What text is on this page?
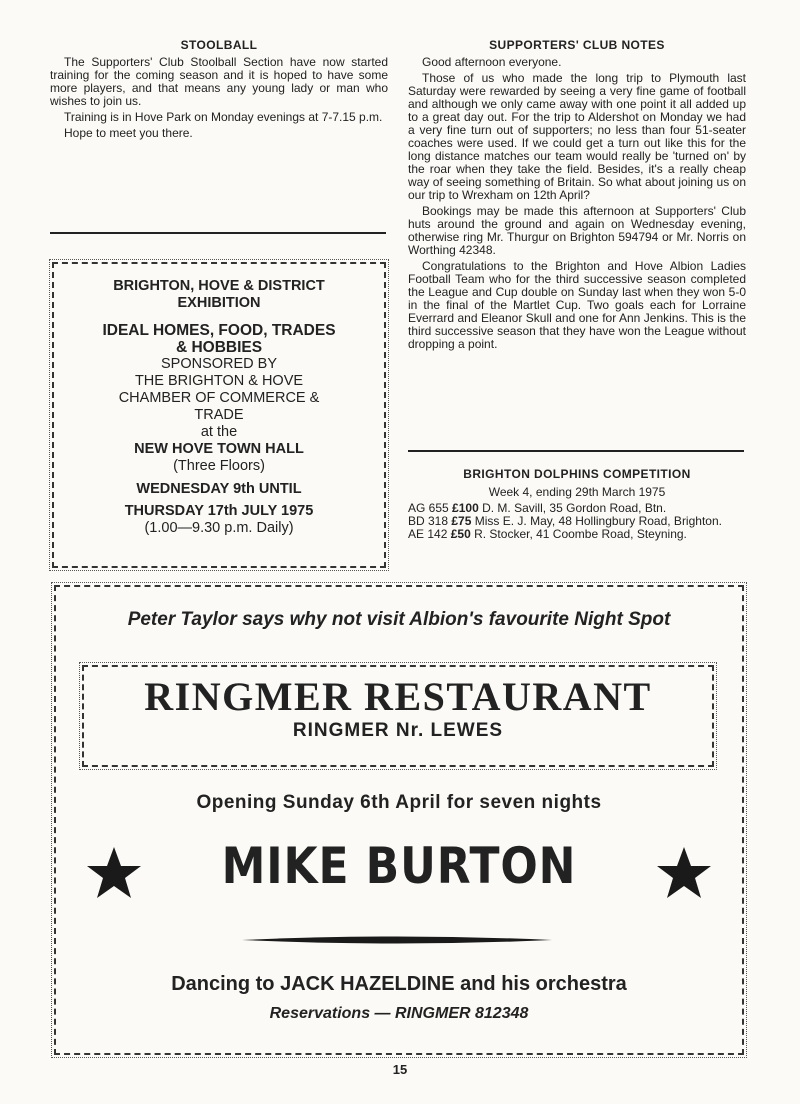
STOOLBALL

The Supporters' Club Stoolball Section have now started training for the coming season and it is hoped to have some more players, and that means any young lady or man who wishes to join us.

Training is in Hove Park on Monday evenings at 7-7.15 p.m.

Hope to meet you there.

BRIGHTON, HOVE & DISTRICT
EXHIBITION
IDEAL HOMES, FOOD, TRADES
& HOBBIES
SPONSORED BY
THE BRIGHTON & HOVE
CHAMBER OF COMMERCE &
TRADE
at the
NEW HOVE TOWN HALL
(Three Floors)
WEDNESDAY 9th UNTIL
THURSDAY 17th JULY 1975
(1.00—9.30 p.m. Daily)
SUPPORTERS' CLUB NOTES

Good afternoon everyone.

Those of us who made the long trip to Plymouth last Saturday were rewarded by seeing a very fine game of football and although we only came away with one point it all added up to a great day out. For the trip to Aldershot on Monday we had a very fine turn out of supporters; no less than four 51-seater coaches were used. If we could get a turn out like this for the long distance matches our team would really be 'turned on' by the roar when they take the field. Besides, it's a really cheap way of seeing something of Britain. So what about joining us on our trip to Wrexham on 12th April?

Bookings may be made this afternoon at Supporters' Club huts around the ground and again on Wednesday evening, otherwise ring Mr. Thurgur on Brighton 594794 or Mr. Norris on Worthing 42348.

Congratulations to the Brighton and Hove Albion Ladies Football Team who for the third successive season completed the League and Cup double on Sunday last when they won 5-0 in the final of the Martlet Cup. Two goals each for Lorraine Everrard and Eleanor Skull and one for Ann Jenkins. This is the third successive season that they have won the League without dropping a point.

BRIGHTON DOLPHINS COMPETITION
Week 4, ending 29th March 1975

AG 655 £100 D. M. Savill, 35 Gordon Road, Btn.

BD 318 £75 Miss E. J. May, 48 Hollingbury Road, Brighton.

AE 142 £50 R. Stocker, 41 Coombe Road, Steyning.

Peter Taylor says why not visit Albion's favourite Night Spot
RINGMER RESTAURANT
RINGMER Nr. LEWES
Opening Sunday 6th April for seven nights
MIKE BURTON
Dancing to JACK HAZELDINE and his orchestra
Reservations — RINGMER 812348
15
